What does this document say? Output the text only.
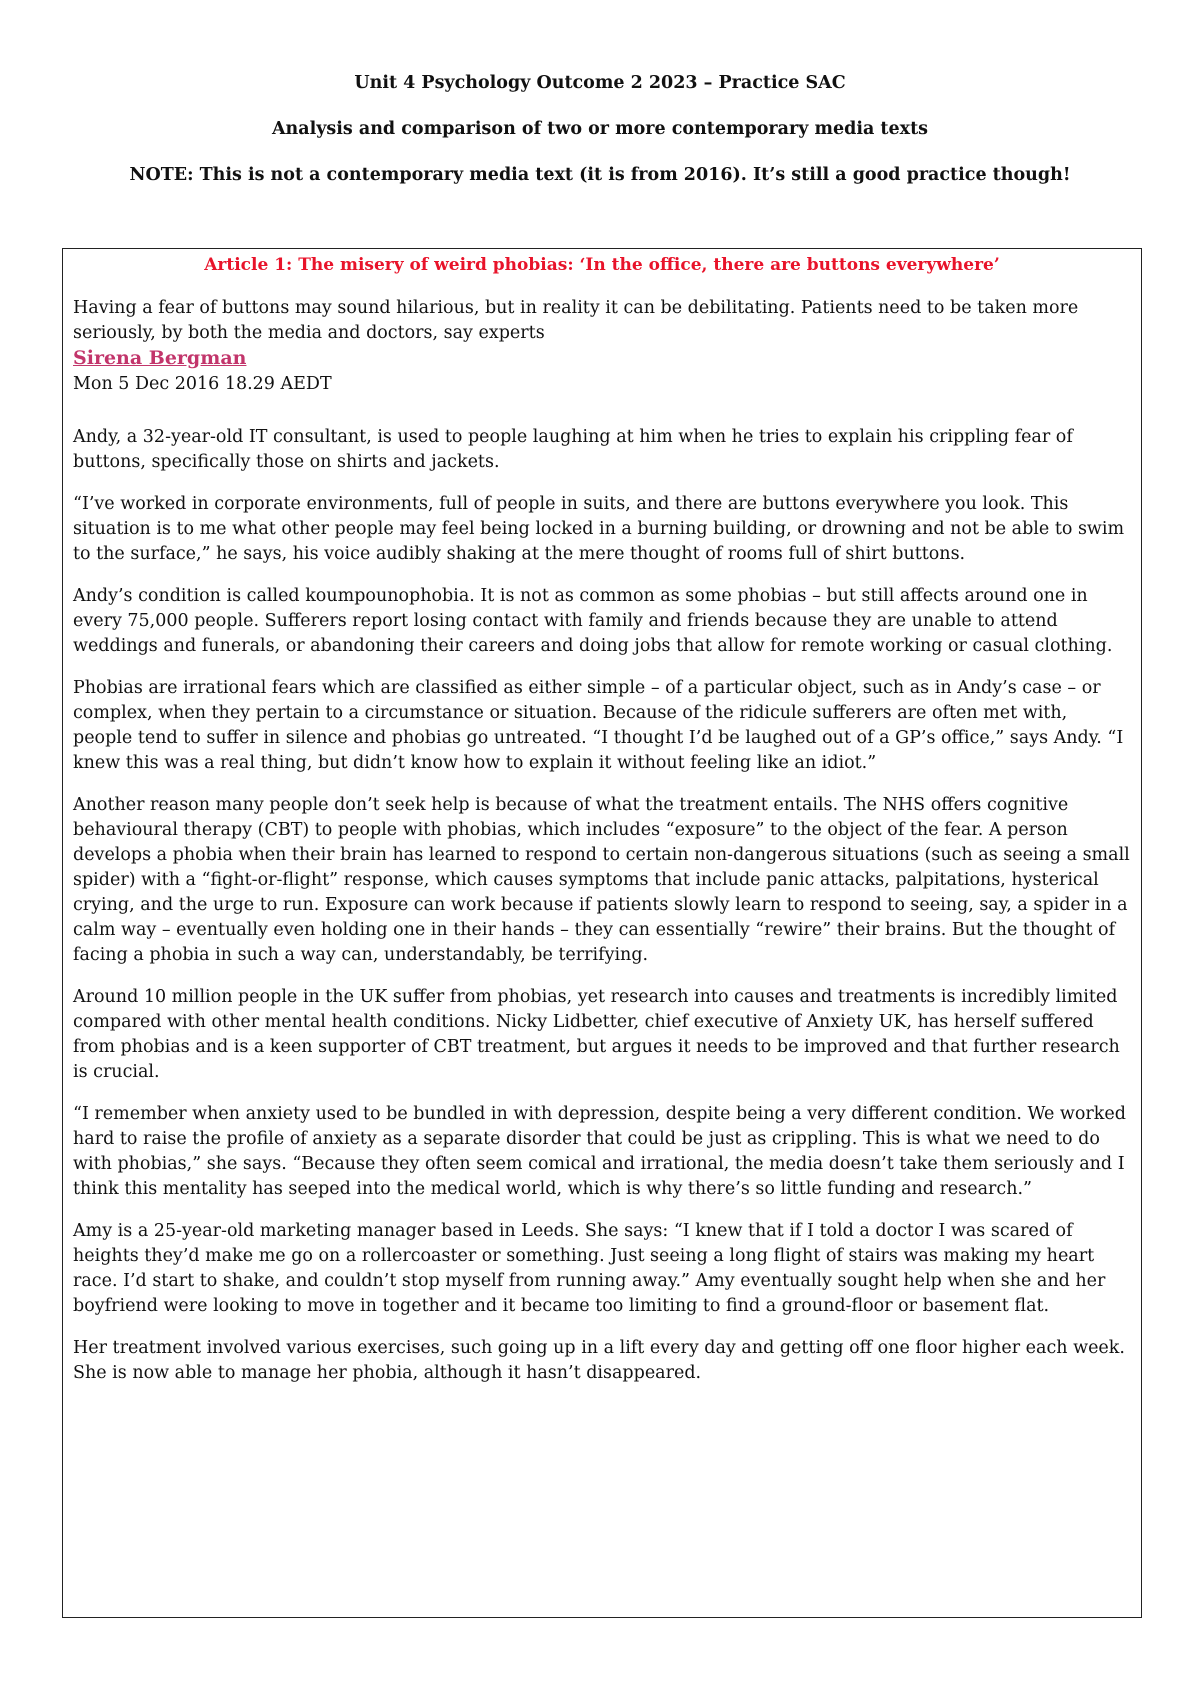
Unit 4 Psychology Outcome 2 2023 – Practice SAC
Analysis and comparison of two or more contemporary media texts
NOTE: This is not a contemporary media text (it is from 2016). It’s still a good practice though!
Article 1: The misery of weird phobias: ‘In the office, there are buttons everywhere’

Having a fear of buttons may sound hilarious, but in reality it can be debilitating. Patients need to be taken more seriously, by both the media and doctors, say experts

Sirena Bergman

Mon 5 Dec 2016 18.29 AEDT

Andy, a 32-year-old IT consultant, is used to people laughing at him when he tries to explain his crippling fear of buttons, specifically those on shirts and jackets.

“I’ve worked in corporate environments, full of people in suits, and there are buttons everywhere you look. This situation is to me what other people may feel being locked in a burning building, or drowning and not be able to swim to the surface,” he says, his voice audibly shaking at the mere thought of rooms full of shirt buttons.

Andy’s condition is called koumpounophobia. It is not as common as some phobias – but still affects around one in every 75,000 people. Sufferers report losing contact with family and friends because they are unable to attend weddings and funerals, or abandoning their careers and doing jobs that allow for remote working or casual clothing.

Phobias are irrational fears which are classified as either simple – of a particular object, such as in Andy’s case – or complex, when they pertain to a circumstance or situation. Because of the ridicule sufferers are often met with, people tend to suffer in silence and phobias go untreated. “I thought I’d be laughed out of a GP’s office,” says Andy. “I knew this was a real thing, but didn’t know how to explain it without feeling like an idiot.”

Another reason many people don’t seek help is because of what the treatment entails. The NHS offers cognitive behavioural therapy (CBT) to people with phobias, which includes “exposure” to the object of the fear. A person develops a phobia when their brain has learned to respond to certain non-dangerous situations (such as seeing a small spider) with a “fight-or-flight” response, which causes symptoms that include panic attacks, palpitations, hysterical crying, and the urge to run. Exposure can work because if patients slowly learn to respond to seeing, say, a spider in a calm way – eventually even holding one in their hands – they can essentially “rewire” their brains. But the thought of facing a phobia in such a way can, understandably, be terrifying.

Around 10 million people in the UK suffer from phobias, yet research into causes and treatments is incredibly limited compared with other mental health conditions. Nicky Lidbetter, chief executive of Anxiety UK, has herself suffered from phobias and is a keen supporter of CBT treatment, but argues it needs to be improved and that further research is crucial.

“I remember when anxiety used to be bundled in with depression, despite being a very different condition. We worked hard to raise the profile of anxiety as a separate disorder that could be just as crippling. This is what we need to do with phobias,” she says. “Because they often seem comical and irrational, the media doesn’t take them seriously and I think this mentality has seeped into the medical world, which is why there’s so little funding and research.”

Amy is a 25-year-old marketing manager based in Leeds. She says: “I knew that if I told a doctor I was scared of heights they’d make me go on a rollercoaster or something. Just seeing a long flight of stairs was making my heart race. I’d start to shake, and couldn’t stop myself from running away.” Amy eventually sought help when she and her boyfriend were looking to move in together and it became too limiting to find a ground-floor or basement flat.

Her treatment involved various exercises, such going up in a lift every day and getting off one floor higher each week. She is now able to manage her phobia, although it hasn’t disappeared.
